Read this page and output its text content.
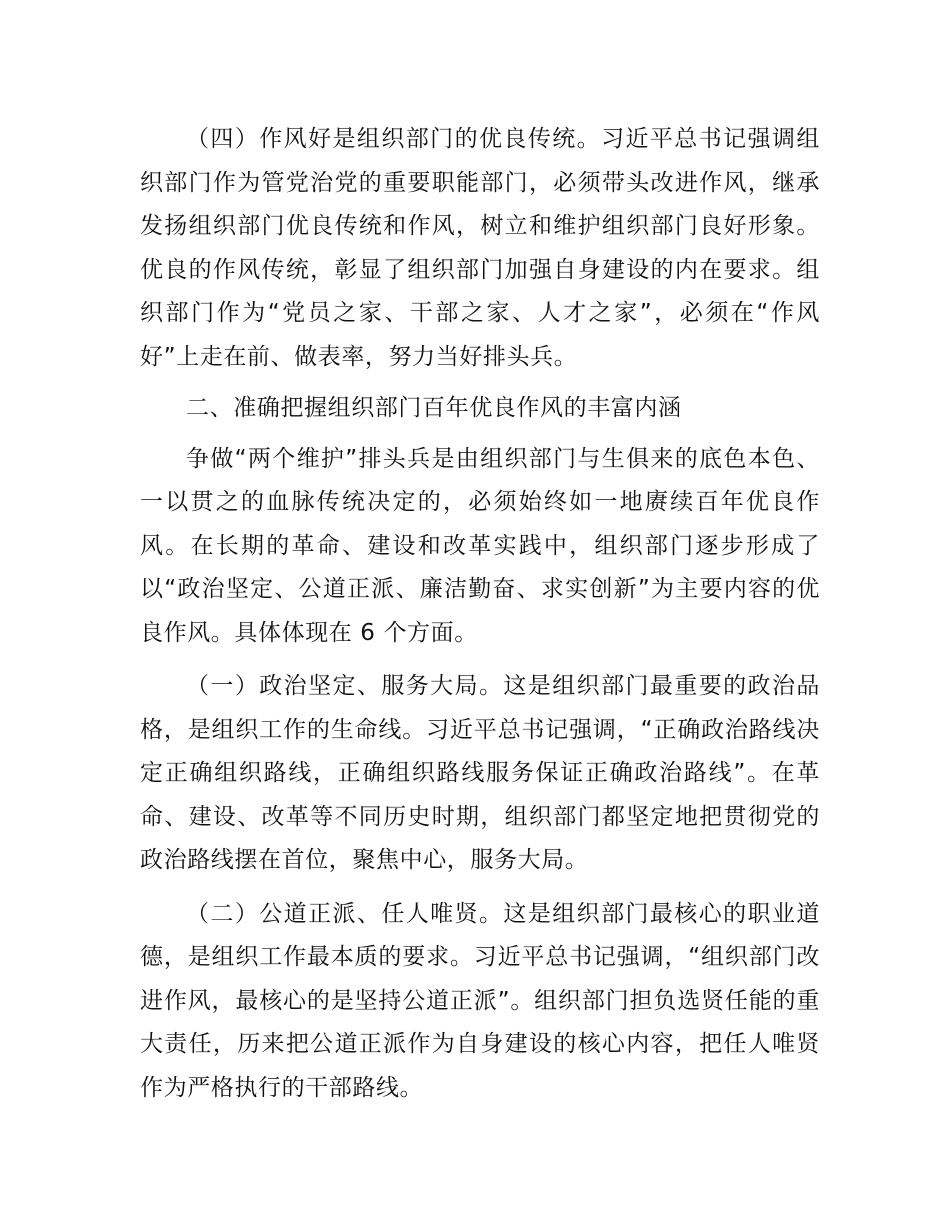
（四）作风好是组织部门的优良传统。习近平总书记强调组织部门作为管党治党的重要职能部门，必须带头改进作风，继承发扬组织部门优良传统和作风，树立和维护组织部门良好形象。优良的作风传统，彰显了组织部门加强自身建设的内在要求。组织部门作为“党员之家、干部之家、人才之家”，必须在“作风好”上走在前、做表率，努力当好排头兵。

二、准确把握组织部门百年优良作风的丰富内涵

争做“两个维护”排头兵是由组织部门与生俱来的底色本色、一以贯之的血脉传统决定的，必须始终如一地赓续百年优良作风。在长期的革命、建设和改革实践中，组织部门逐步形成了以“政治坚定、公道正派、廉洁勤奋、求实创新”为主要内容的优良作风。具体体现在 6 个方面。

（一）政治坚定、服务大局。这是组织部门最重要的政治品格，是组织工作的生命线。习近平总书记强调，“正确政治路线决定正确组织路线，正确组织路线服务保证正确政治路线”。在革命、建设、改革等不同历史时期，组织部门都坚定地把贯彻党的政治路线摆在首位，聚焦中心，服务大局。

（二）公道正派、任人唯贤。这是组织部门最核心的职业道德，是组织工作最本质的要求。习近平总书记强调，“组织部门改进作风，最核心的是坚持公道正派”。组织部门担负选贤任能的重大责任，历来把公道正派作为自身建设的核心内容，把任人唯贤作为严格执行的干部路线。
